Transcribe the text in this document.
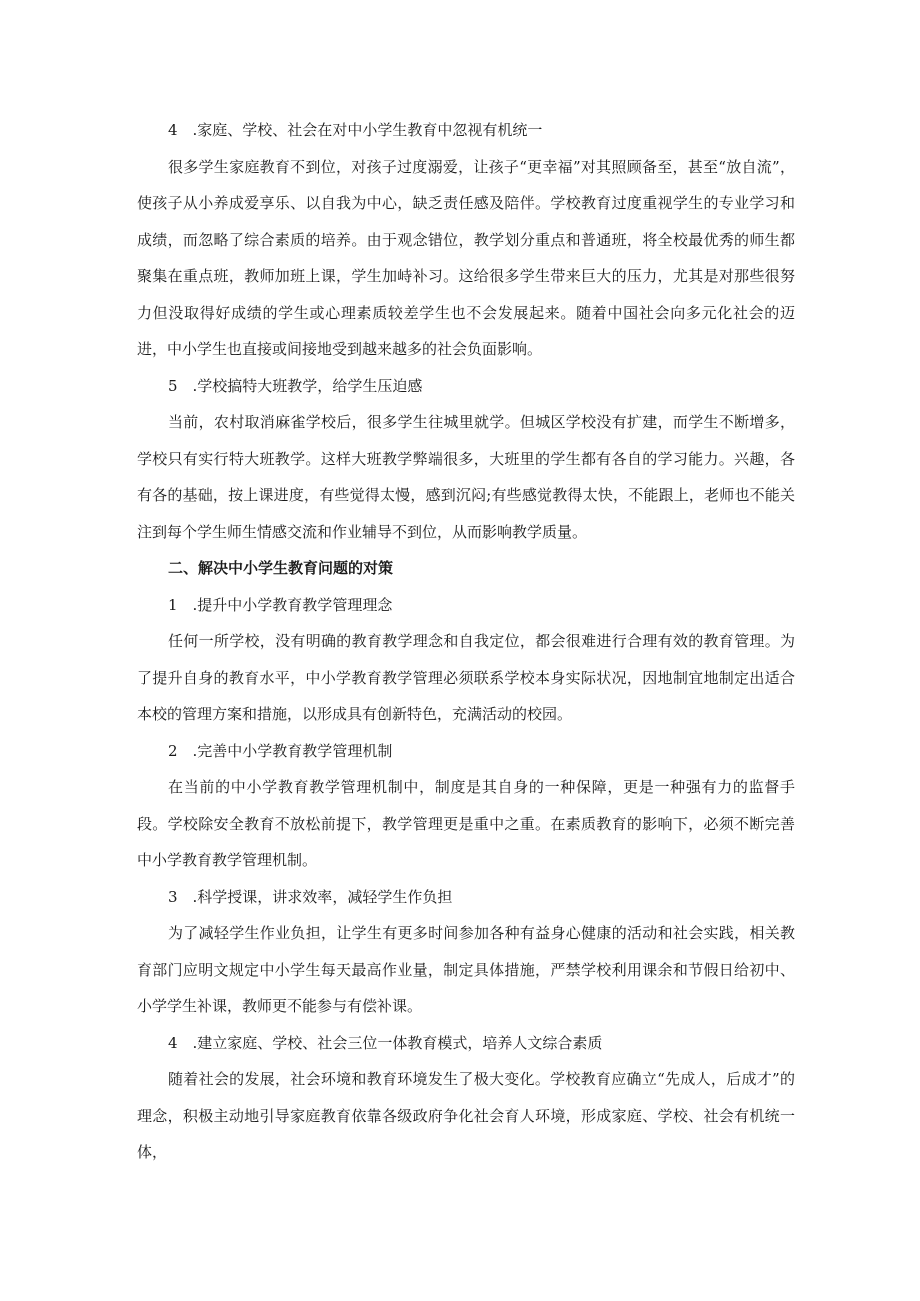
4　.家庭、学校、社会在对中小学生教育中忽视有机统一

很多学生家庭教育不到位，对孩子过度溺爱，让孩子“更幸福”对其照顾备至，甚至“放自流”，使孩子从小养成爱享乐、以自我为中心，缺乏责任感及陪伴。学校教育过度重视学生的专业学习和成绩，而忽略了综合素质的培养。由于观念错位，教学划分重点和普通班，将全校最优秀的师生都聚集在重点班，教师加班上课，学生加峙补习。这给很多学生带来巨大的压力，尤其是对那些很努力但没取得好成绩的学生或心理素质较差学生也不会发展起来。随着中国社会向多元化社会的迈进，中小学生也直接或间接地受到越来越多的社会负面影响。

5　.学校搞特大班教学，给学生压迫感

当前，农村取消麻雀学校后，很多学生往城里就学。但城区学校没有扩建，而学生不断增多，学校只有实行特大班教学。这样大班教学弊端很多，大班里的学生都有各自的学习能力。兴趣，各有各的基础，按上课进度，有些觉得太慢，感到沉闷;有些感觉教得太快，不能跟上，老师也不能关注到每个学生师生情感交流和作业辅导不到位，从而影响教学质量。

二、解决中小学生教育问题的对策
1　.提升中小学教育教学管理理念

任何一所学校，没有明确的教育教学理念和自我定位，都会很难进行合理有效的教育管理。为了提升自身的教育水平，中小学教育教学管理必须联系学校本身实际状况，因地制宜地制定出适合本校的管理方案和措施，以形成具有创新特色，充满活动的校园。

2　.完善中小学教育教学管理机制

在当前的中小学教育教学管理机制中，制度是其自身的一种保障，更是一种强有力的监督手段。学校除安全教育不放松前提下，教学管理更是重中之重。在素质教育的影响下，必须不断完善中小学教育教学管理机制。

3　.科学授课，讲求效率，减轻学生作负担

为了减轻学生作业负担，让学生有更多时间参加各种有益身心健康的活动和社会实践，相关教育部门应明文规定中小学生每天最高作业量，制定具体措施，严禁学校利用课余和节假日给初中、小学学生补课，教师更不能参与有偿补课。

4　.建立家庭、学校、社会三位一体教育模式，培养人文综合素质

随着社会的发展，社会环境和教育环境发生了极大变化。学校教育应确立“先成人，后成才”的理念，积极主动地引导家庭教育依靠各级政府争化社会育人环境，形成家庭、学校、社会有机统一体，
